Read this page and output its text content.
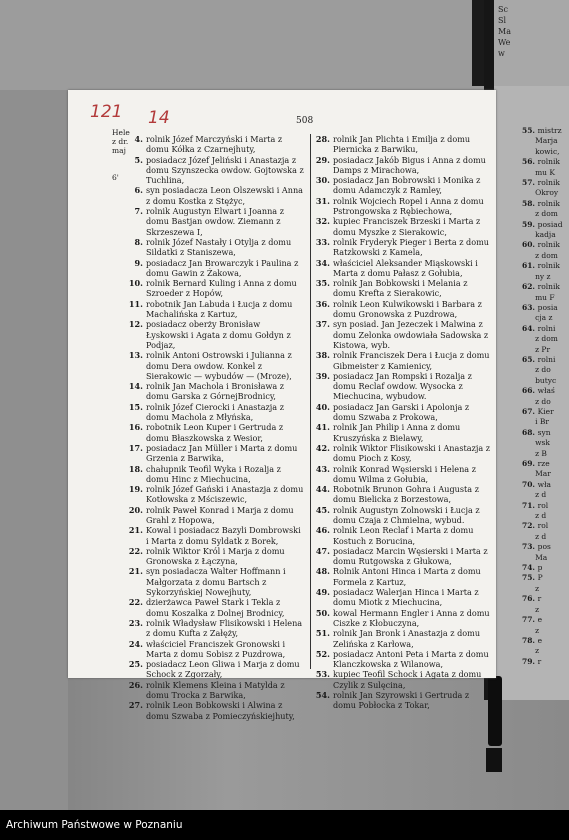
Sc
Sl
Ma
We
w
121 14	508
4. rolnik Józef Marczyński i Marta z domu Kółka z Czarnejhuty,
5. posiadacz Józef Jeliński i Anastazja z domu Szynszecka owdow. Gojtowska z Tuchlina,
6. syn posiadacza Leon Olszewski i Anna z domu Kostka z Stężyc,
7. rolnik Augustyn Elwart i Joanna z domu Bastjan owdow. Ziemann z Skrzeszewa I,
8. rolnik Józef Nastały i Otylja z domu Sildatki z Staniszewa,
9. posiadacz Jan Browarczyk i Paulina z domu Gawin z Żakowa,
10. rolnik Bernard Kuling i Anna z domu Szroeder z Hopów,
11. robotnik Jan Labuda i Łucja z domu Machalińska z Kartuz,
12. posiadacz oberży Bronisław Łyskowski i Agata z domu Gołdyn z Podjaz,
13. rolnik Antoni Ostrowski i Julianna z domu Dera owdow. Konkel z Sierakowic — wybudów — (Mroze),
14. rolnik Jan Machola i Bronisława z domu Garska z GórnejBrodnicy,
15. rolnik Józef Cierocki i Anastazja z domu Machola z Młyńska,
16. robotnik Leon Kuper i Gertruda z domu Błaszkowska z Wesior,
17. posiadacz Jan Müller i Marta z domu Grzenia z Barwika,
18. chałupnik Teofil Wyka i Rozalja z domu Hinc z Miechucina,
19. rolnik Józef Gański i Anastazja z domu Kotłowska z Mściszewic,
20. rolnik Paweł Konrad i Marja z domu Grahl z Hopowa,
21. Kowal i posiadacz Bazyli Dombrowski i Marta z domu Syldatk z Borek,
22. rolnik Wiktor Król i Marja z domu Gronowska z Łączyna,
21. syn posiadacza Walter Hoffmann i Małgorzata z domu Bartsch z Sykorzyńskiej Nowejhuty,
22. dzierżawca Paweł Stark i Tekla z domu Koszalka z Dolnej Brodnicy,
23. rolnik Władysław Flisikowski i Helena z domu Kufta z Załęży,
24. właściciel Franciszek Gronowski i Marta z domu Sobisz z Puzdrowa,
25. posiadacz Leon Gliwa i Marja z domu Schock z Zgorzały,
26. rolnik Klemens Kleina i Matylda z domu Trocka z Barwika,
27. rolnik Leon Bobkowski i Alwina z domu Szwaba z Pomieczyńskiejhuty,
28. rolnik Jan Plichta i Emilja z domu Piernicka z Barwiku,
29. posiadacz Jakób Bigus i Anna z domu Damps z Mirachowa,
30. posiadacz Jan Bobrowski i Monika z domu Adamczyk z Ramley,
31. rolnik Wojciech Ropel i Anna z domu Pstrongowska z Rębiechowa,
32. kupiec Franciszek Brzeski i Marta z domu Myszke z Sierakowic,
33. rolnik Fryderyk Pieger i Berta z domu Ratzkowski z Kamela,
34. właściciel Aleksander Miąskowski i Marta z domu Pałasz z Gołubia,
35. rolnik Jan Bobkowski i Melania z domu Krefta z Sierakowic,
36. rolnik Leon Kulwikowski i Barbara z domu Gronowska z Puzdrowa,
37. syn posiad. Jan Jezeczek i Malwina z domu Zelonka owdowiała Sadowska z Kistowa, wyb.
38. rolnik Franciszek Dera i Łucja z domu Gibmeister z Kamienicy,
39. posiadacz Jan Rompski i Rozalja z domu Reclaf owdow. Wysocka z Miechucina, wybudow.
40. posiadacz Jan Garski i Apolonja z domu Szwaba z Prokowa,
41. rolnik Jan Philip i Anna z domu Kruszyńska z Bielawy,
42. rolnik Wiktor Flisikowski i Anastazja z domu Pioch z Kosy,
43. rolnik Konrad Węsierski i Helena z domu Wilma z Gołubia,
44. Robotnik Brunon Gohra i Augusta z domu Bielicka z Borzestowa,
45. rolnik Augustyn Zolnowski i Łucja z domu Czaja z Chmielna, wybud.
46. rolnik Leon Reclaf i Marta z domu Kostuch z Borucina,
47. posiadacz Marcin Węsierski i Marta z domu Rutgowska z Głukowa,
48. Rolnik Antoni Hinca i Marta z domu Formela z Kartuz,
49. posiadacz Walerjan Hinca i Marta z domu Miotk z Miechucina,
50. kowal Hermann Engler i Anna z domu Ciszke z Kłobuczyna,
51. rolnik Jan Bronk i Anastazja z domu Zelińska z Karłowa,
52. posiadacz Antoni Peta i Marta z domu Klanczkowska z Wilanowa,
53. kupiec Teofil Schock i Agata z domu Czylik z Sulęcina,
54. rolnik Jan Szyrowski i Gertruda z domu Pobłocka z Tokar,
Hele
z dr.
maj

6'
55. mistrz
Marja
kowic,
56. rolnik
mu K
57. rolnik
Okroy
58. rolnik
z dom
59. posiad
kadja
60. rolnik
z dom
61. rolnik
ny z
62. rolnik
mu F
63. posia
cja z
64. rolni
z dom
z Pr
65. rolni
z do
butyc
66. właś
z do
67. Kier
i Br
68. syn
wsk
z B
69. rze
Mar
70. wła
z d
71. rol
z d
72. rol
z d
73. pos
Ma
74. p
75. P
z
76. r
z
77. e
z
78. e
z
79. r
Archiwum Państwowe w Poznaniu
